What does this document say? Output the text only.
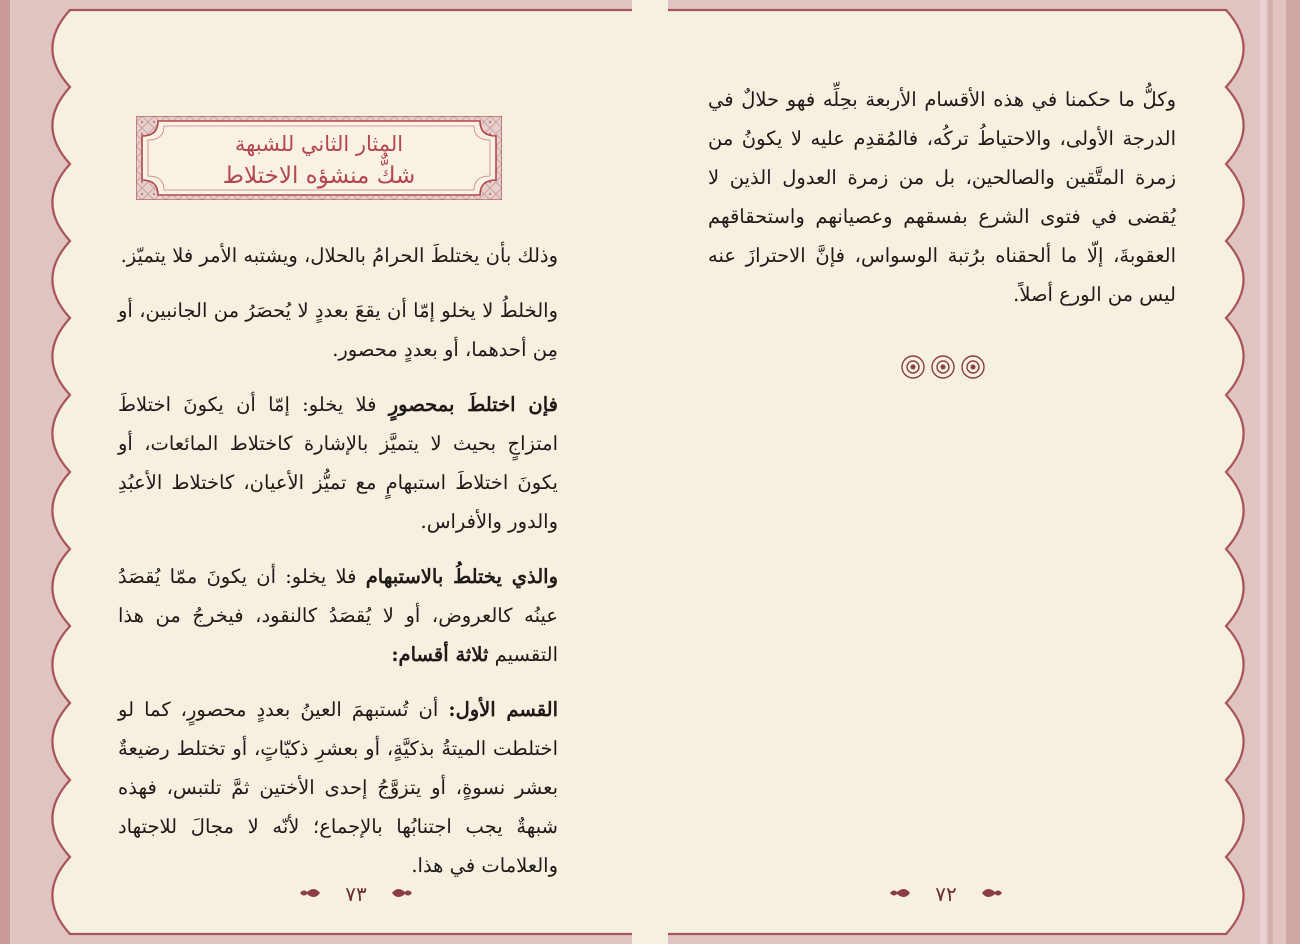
المثار الثاني للشبهة
شكٌّ منشؤه الاختلاط

وذلك بأن يختلطَ الحرامُ بالحلال، ويشتبه الأمر فلا يتميّز.

والخلطُ لا يخلو إمّا أن يقعَ بعددٍ لا يُحصَرُ من الجانبين، أو مِن أحدهما، أو بعددٍ محصور.

فإن اختلطَ بمحصورٍ فلا يخلو: إمّا أن يكونَ اختلاطَ امتزاجٍ بحيث لا يتميَّز بالإشارة كاختلاط المائعات، أو يكونَ اختلاطَ استبهامٍ مع تميُّز الأعيان، كاختلاط الأعبُدِ والدور والأفراس.

والذي يختلطُ بالاستبهام فلا يخلو: أن يكونَ ممّا يُقصَدُ عينُه كالعروض، أو لا يُقصَدُ كالنقود، فيخرجُ من هذا التقسيم ثلاثة أقسام:

القسم الأول: أن تُستبهمَ العينُ بعددٍ محصورٍ، كما لو اختلطت الميتةُ بذكيَّةٍ، أو بعشرِ ذكيّاتٍ، أو تختلط رضيعةٌ بعشر نسوةٍ، أو يتزوَّجُ إحدى الأختين ثمَّ تلتبس، فهذه شبهةٌ يجب اجتنابُها بالإجماع؛ لأنّه لا مجالَ للاجتهاد والعلامات في هذا.

٧٣	٧٢

وكلُّ ما حكمنا في هذه الأقسام الأربعة بحِلِّه فهو حلالٌ في الدرجة الأولى، والاحتياطُ تركُه، فالمُقدِم عليه لا يكونُ من زمرة المتَّقين والصالحين، بل من زمرة العدول الذين لا يُقضى في فتوى الشرع بفسقهم وعصيانهم واستحقاقهم العقوبةَ، إلّا ما ألحقناه برُتبة الوسواس، فإنَّ الاحترازَ عنه ليس من الورع أصلاً.
